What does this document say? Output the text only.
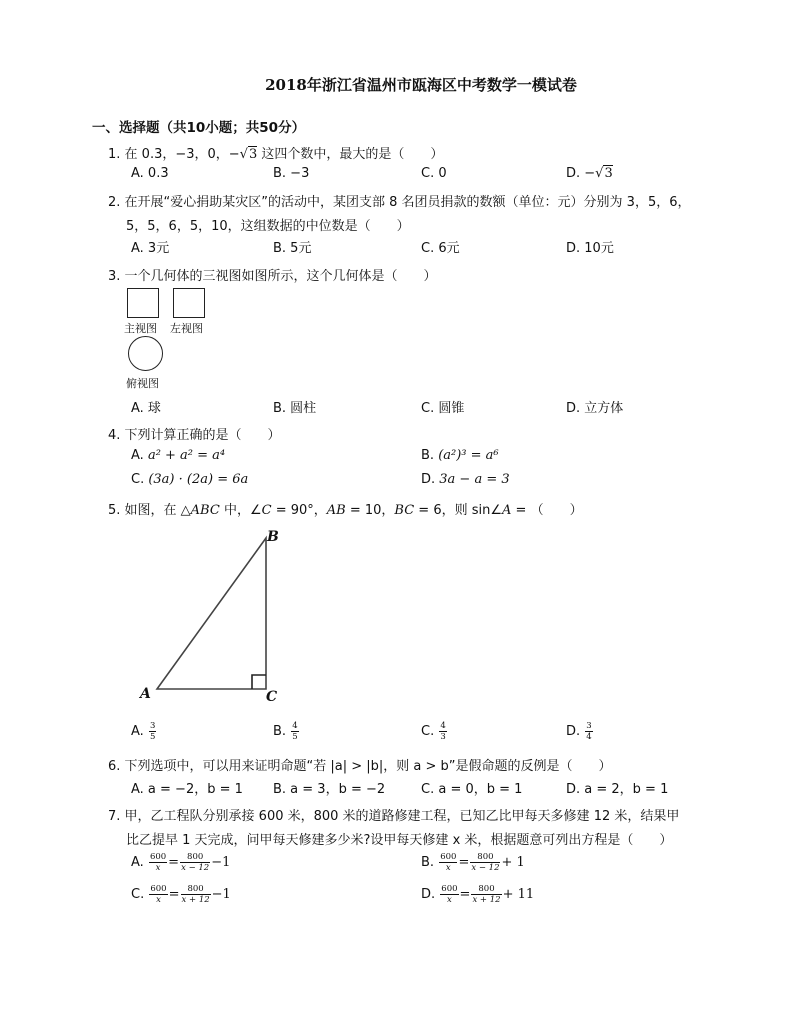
2018年浙江省温州市瓯海区中考数学一模试卷
一、选择题（共10小题；共50分）
1. 在 0.3，−3，0，−√3 这四个数中，最大的是（　　）
A. 0.3	B. −3	C. 0	D. −√3
2. 在开展“爱心捐助某灾区”的活动中，某团支部 8 名团员捐款的数额（单位：元）分别为 3，5，6，
5，5，6，5，10，这组数据的中位数是（　　）
A. 3元	B. 5元	C. 6元	D. 10元
3. 一个几何体的三视图如图所示，这个几何体是（　　）
主视图 左视图
俯视图
A. 球	B. 圆柱	C. 圆锥	D. 立方体
4. 下列计算正确的是（　　）
A. a² + a² = a⁴	B. (a²)³ = a⁶
C. (3a) · (2a) = 6a	D. 3a − a = 3
5. 如图，在 △ABC 中，∠C = 90°，AB = 10，BC = 6，则 sin∠A = （　　）
A
B
C
A. $\frac{3}{5}$	B. $\frac{4}{5}$	C. $\frac{4}{3}$	D. $\frac{3}{4}$
6. 下列选项中，可以用来证明命题“若 |a| > |b|，则 a > b”是假命题的反例是（　　）
A. a = −2，b = 1 B. a = 3，b = −2	C. a = 0，b = 1	D. a = 2，b = 1
7. 甲，乙工程队分别承接 600 米，800 米的道路修建工程，已知乙比甲每天多修建 12 米，结果甲
比乙提早 1 天完成，问甲每天修建多少米?设甲每天修建 x 米，根据题意可列出方程是（　　）
A. $\frac{600}{x} = \frac{800}{x - 12} -1$	B. $\frac{600}{x} = \frac{800}{x - 12} + 1$
C. $\frac{600}{x} = \frac{800}{x + 12} -1$	D. $\frac{600}{x} = \frac{800}{x + 12} + 11$
